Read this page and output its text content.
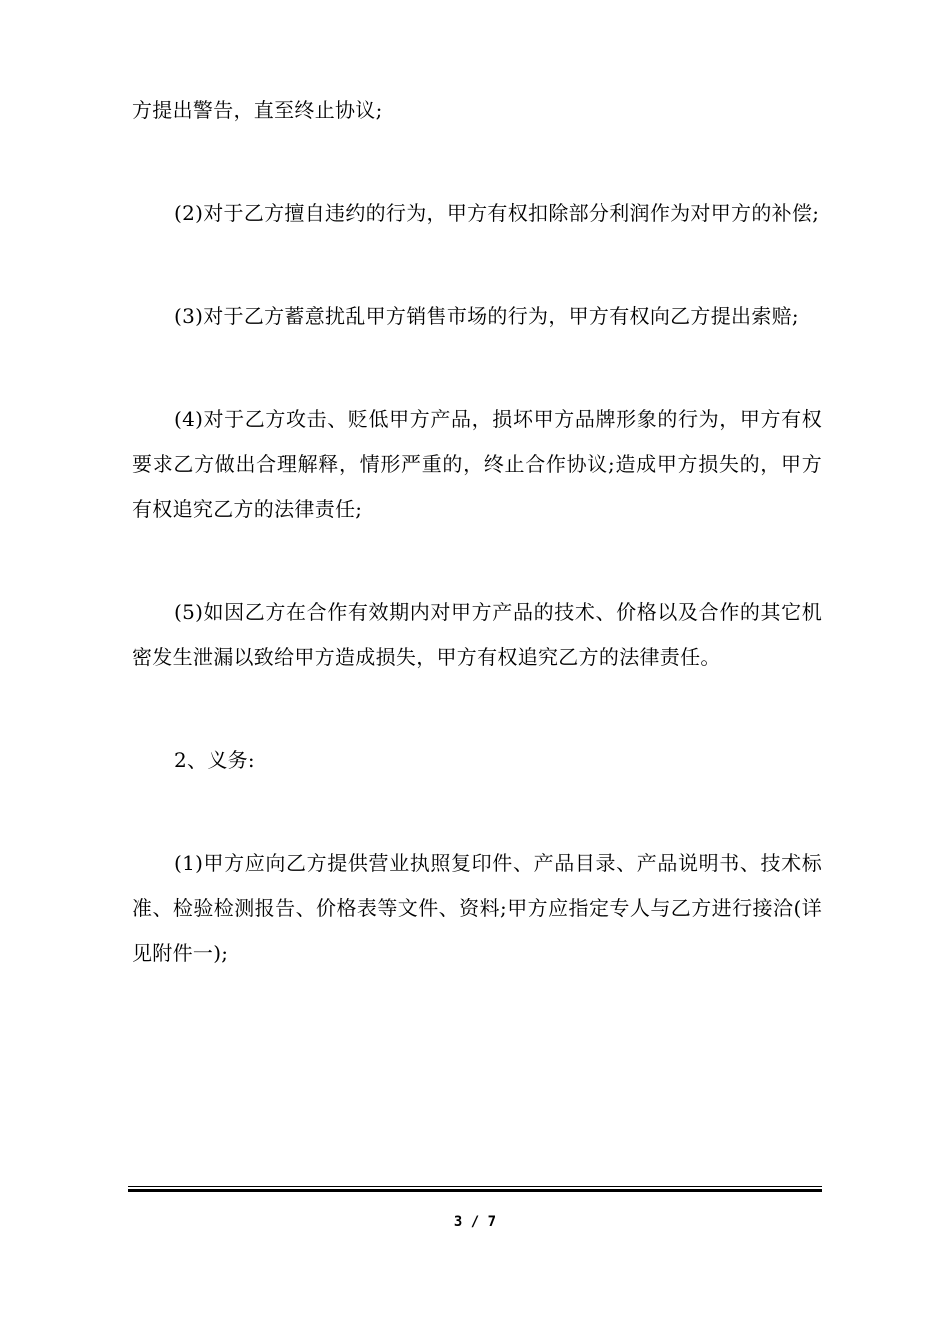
方提出警告，直至终止协议;

(2)对于乙方擅自违约的行为，甲方有权扣除部分利润作为对甲方的补偿;

(3)对于乙方蓄意扰乱甲方销售市场的行为，甲方有权向乙方提出索赔;

(4)对于乙方攻击、贬低甲方产品，损坏甲方品牌形象的行为，甲方有权要求乙方做出合理解释，情形严重的，终止合作协议;造成甲方损失的，甲方有权追究乙方的法律责任;

(5)如因乙方在合作有效期内对甲方产品的技术、价格以及合作的其它机密发生泄漏以致给甲方造成损失，甲方有权追究乙方的法律责任。

2、义务:

(1)甲方应向乙方提供营业执照复印件、产品目录、产品说明书、技术标准、检验检测报告、价格表等文件、资料;甲方应指定专人与乙方进行接洽(详见附件一);

3 / 7
